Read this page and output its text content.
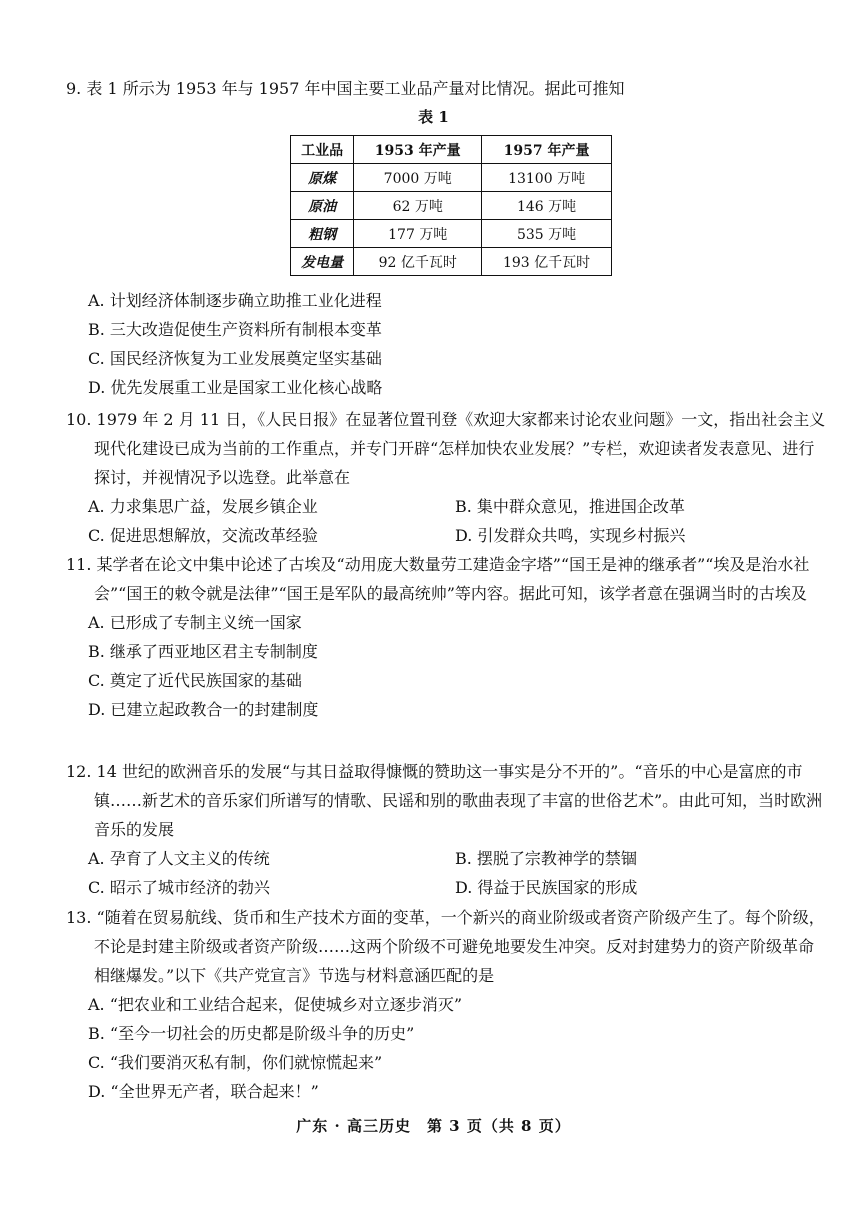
9. 表 1 所示为 1953 年与 1957 年中国主要工业品产量对比情况。据此可推知

表 1
工业品	1953 年产量	1957 年产量
原煤	7000 万吨	13100 万吨
原油	62 万吨	146 万吨
粗钢	177 万吨	535 万吨
发电量	92 亿千瓦时	193 亿千瓦时

A. 计划经济体制逐步确立助推工业化进程

B. 三大改造促使生产资料所有制根本变革

C. 国民经济恢复为工业发展奠定坚实基础

D. 优先发展重工业是国家工业化核心战略

10. 1979 年 2 月 11 日，《人民日报》在显著位置刊登《欢迎大家都来讨论农业问题》一文，指出社会主义现代化建设已成为当前的工作重点，并专门开辟“怎样加快农业发展？”专栏，欢迎读者发表意见、进行探讨，并视情况予以选登。此举意在

A. 力求集思广益，发展乡镇企业	B. 集中群众意见，推进国企改革
C. 促进思想解放，交流改革经验	D. 引发群众共鸣，实现乡村振兴

11. 某学者在论文中集中论述了古埃及“动用庞大数量劳工建造金字塔”“国王是神的继承者”“埃及是治水社会”“国王的敕令就是法律”“国王是军队的最高统帅”等内容。据此可知，该学者意在强调当时的古埃及

A. 已形成了专制主义统一国家

B. 继承了西亚地区君主专制制度

C. 奠定了近代民族国家的基础

D. 已建立起政教合一的封建制度

12. 14 世纪的欧洲音乐的发展“与其日益取得慷慨的赞助这一事实是分不开的”。“音乐的中心是富庶的市镇……新艺术的音乐家们所谱写的情歌、民谣和别的歌曲表现了丰富的世俗艺术”。由此可知，当时欧洲音乐的发展

A. 孕育了人文主义的传统	B. 摆脱了宗教神学的禁锢
C. 昭示了城市经济的勃兴	D. 得益于民族国家的形成

13. “随着在贸易航线、货币和生产技术方面的变革，一个新兴的商业阶级或者资产阶级产生了。每个阶级，不论是封建主阶级或者资产阶级……这两个阶级不可避免地要发生冲突。反对封建势力的资产阶级革命相继爆发。”以下《共产党宣言》节选与材料意涵匹配的是

A. “把农业和工业结合起来，促使城乡对立逐步消灭”

B. “至今一切社会的历史都是阶级斗争的历史”

C. “我们要消灭私有制，你们就惊慌起来”

D. “全世界无产者，联合起来！”

广东 · 高三历史　第 3 页（共 8 页）
